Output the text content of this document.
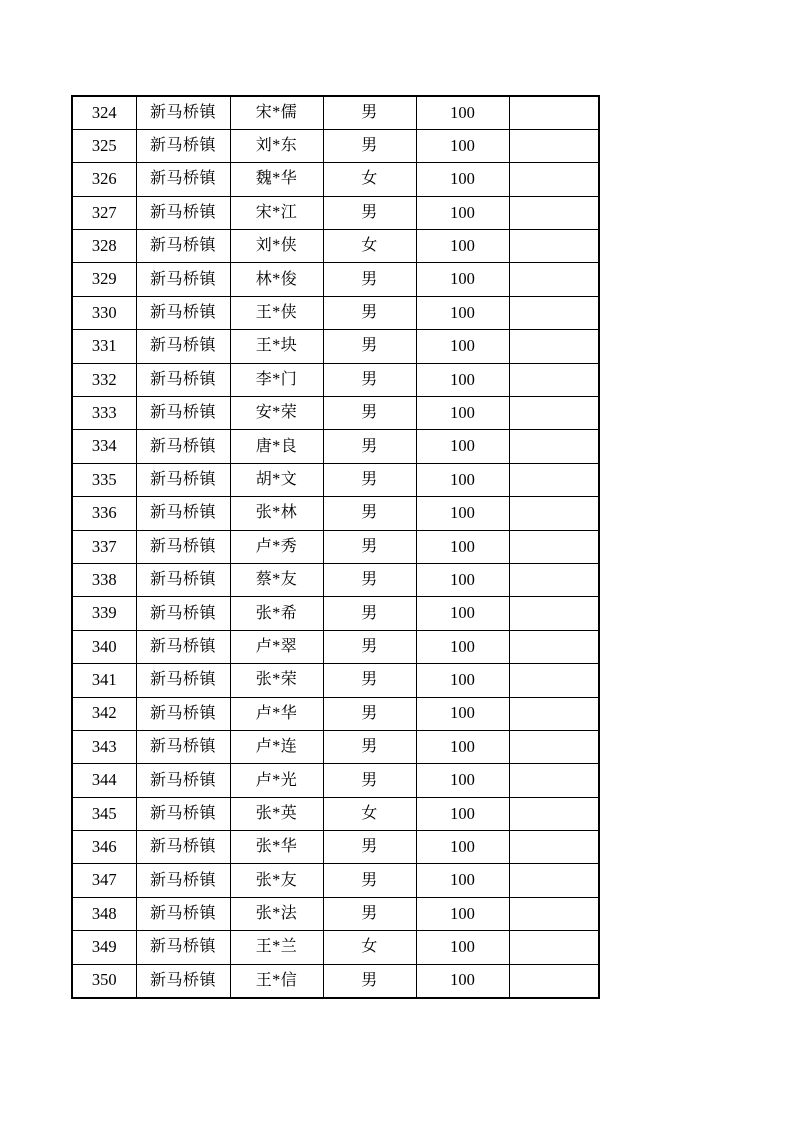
324	新马桥镇	宋*儒	男	100	
325	新马桥镇	刘*东	男	100	
326	新马桥镇	魏*华	女	100	
327	新马桥镇	宋*江	男	100	
328	新马桥镇	刘*侠	女	100	
329	新马桥镇	林*俊	男	100	
330	新马桥镇	王*侠	男	100	
331	新马桥镇	王*块	男	100	
332	新马桥镇	李*门	男	100	
333	新马桥镇	安*荣	男	100	
334	新马桥镇	唐*良	男	100	
335	新马桥镇	胡*文	男	100	
336	新马桥镇	张*林	男	100	
337	新马桥镇	卢*秀	男	100	
338	新马桥镇	蔡*友	男	100	
339	新马桥镇	张*希	男	100	
340	新马桥镇	卢*翠	男	100	
341	新马桥镇	张*荣	男	100	
342	新马桥镇	卢*华	男	100	
343	新马桥镇	卢*连	男	100	
344	新马桥镇	卢*光	男	100	
345	新马桥镇	张*英	女	100	
346	新马桥镇	张*华	男	100	
347	新马桥镇	张*友	男	100	
348	新马桥镇	张*法	男	100	
349	新马桥镇	王*兰	女	100	
350	新马桥镇	王*信	男	100	
